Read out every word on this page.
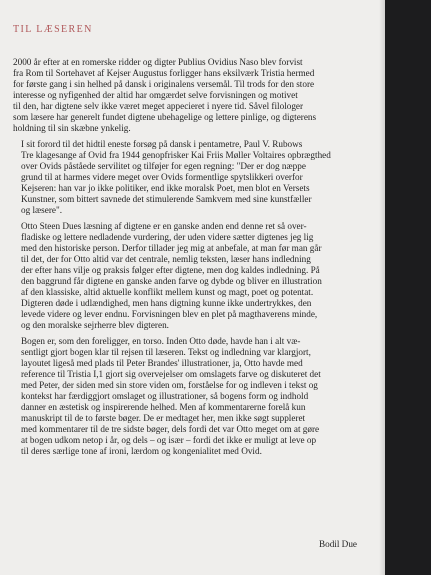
TIL LÆSEREN

2000 år efter at en romerske ridder og digter Publius Ovidius Naso blev forvist
fra Rom til Sortehavet af Kejser Augustus forligger hans eksilværk Tristia hermed
for første gang i sin helhed på dansk i originalens versemål. Til trods for den store
interesse og nyfigenhed der altid har omgærdet selve forvisningen og motivet
til den, har digtene selv ikke været meget appecieret i nyere tid. Såvel filologer
som læsere har generelt fundet digtene ubehagelige og lettere pinlige, og digterens
holdning til sin skæbne ynkelig.

I sit forord til det hidtil eneste forsøg på dansk i pentametre, Paul V. Rubows
Tre klagesange af Ovid fra 1944 genopfrisker Kai Friis Møller Voltaires opbrægthed
over Ovids påståede servilitet og tilføjer for egen regning: "Der er dog næppe
grund til at harmes videre meget over Ovids formentlige spytslikkeri overfor
Kejseren: han var jo ikke politiker, end ikke moralsk Poet, men blot en Versets
Kunstner, som bittert savnede det stimulerende Samkvem med sine kunstfæller
og læsere".

Otto Steen Dues læsning af digtene er en ganske anden end denne ret så over-
fladiske og lettere nedladende vurdering, der uden videre sætter digtenes jeg lig
med den historiske person. Derfor tillader jeg mig at anbefale, at man før man går
til det, der for Otto altid var det centrale, nemlig teksten, læser hans indledning
der efter hans vilje og praksis følger efter digtene, men dog kaldes indledning. På
den baggrund får digtene en ganske anden farve og dybde og bliver en illustration
af den klassiske, altid aktuelle konflikt mellem kunst og magt, poet og potentat.
Digteren døde i udlændighed, men hans digtning kunne ikke undertrykkes, den
levede videre og lever endnu. Forvisningen blev en plet på magthaverens minde,
og den moralske sejrherre blev digteren.

Bogen er, som den foreligger, en torso. Inden Otto døde, havde han i alt væ-
sentligt gjort bogen klar til rejsen til læseren. Tekst og indledning var klargjort,
layoutet ligeså med plads til Peter Brandes' illustrationer, ja, Otto havde med
reference til Tristia I,1 gjort sig overvejelser om omslagets farve og diskuteret det
med Peter, der siden med sin store viden om, forståelse for og indleven i tekst og
kontekst har færdiggjort omslaget og illustrationer, så bogens form og indhold
danner en æstetisk og inspirerende helhed. Men af kommentarerne forelå kun
manuskript til de to første bøger. De er medtaget her, men ikke søgt suppleret
med kommentarer til de tre sidste bøger, dels fordi det var Otto meget om at gøre
at bogen udkom netop i år, og dels – og især – fordi det ikke er muligt at leve op
til deres særlige tone af ironi, lærdom og kongenialitet med Ovid.

Bodil Due
